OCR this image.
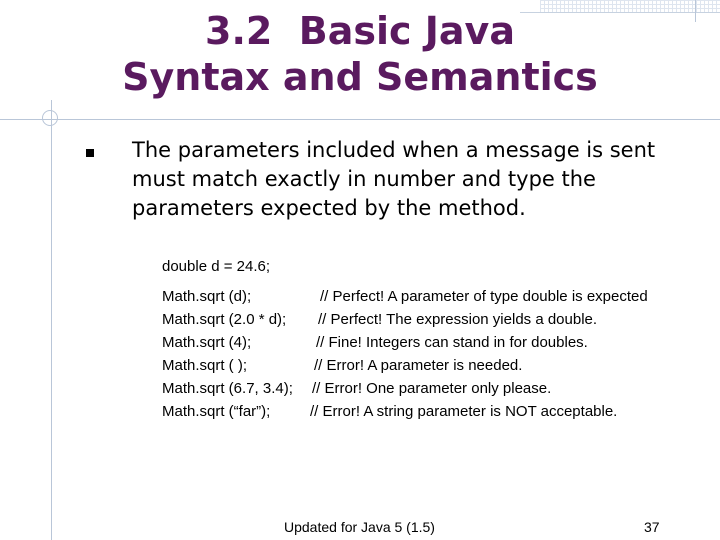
3.2  Basic Java
Syntax and Semantics

The parameters included when a message is sent must match exactly in number and type the parameters expected by the method.

double d = 24.6;
Math.sqrt (d);	// Perfect! A parameter of type double is expected
Math.sqrt (2.0 * d); // Perfect! The expression yields a double.
Math.sqrt (4);	// Fine! Integers can stand in for doubles.
Math.sqrt ( );	// Error! A parameter is needed.
Math.sqrt (6.7, 3.4); // Error! One parameter only please.
Math.sqrt (“far”);	// Error! A string parameter is NOT acceptable.
Updated for Java 5 (1.5)	37
